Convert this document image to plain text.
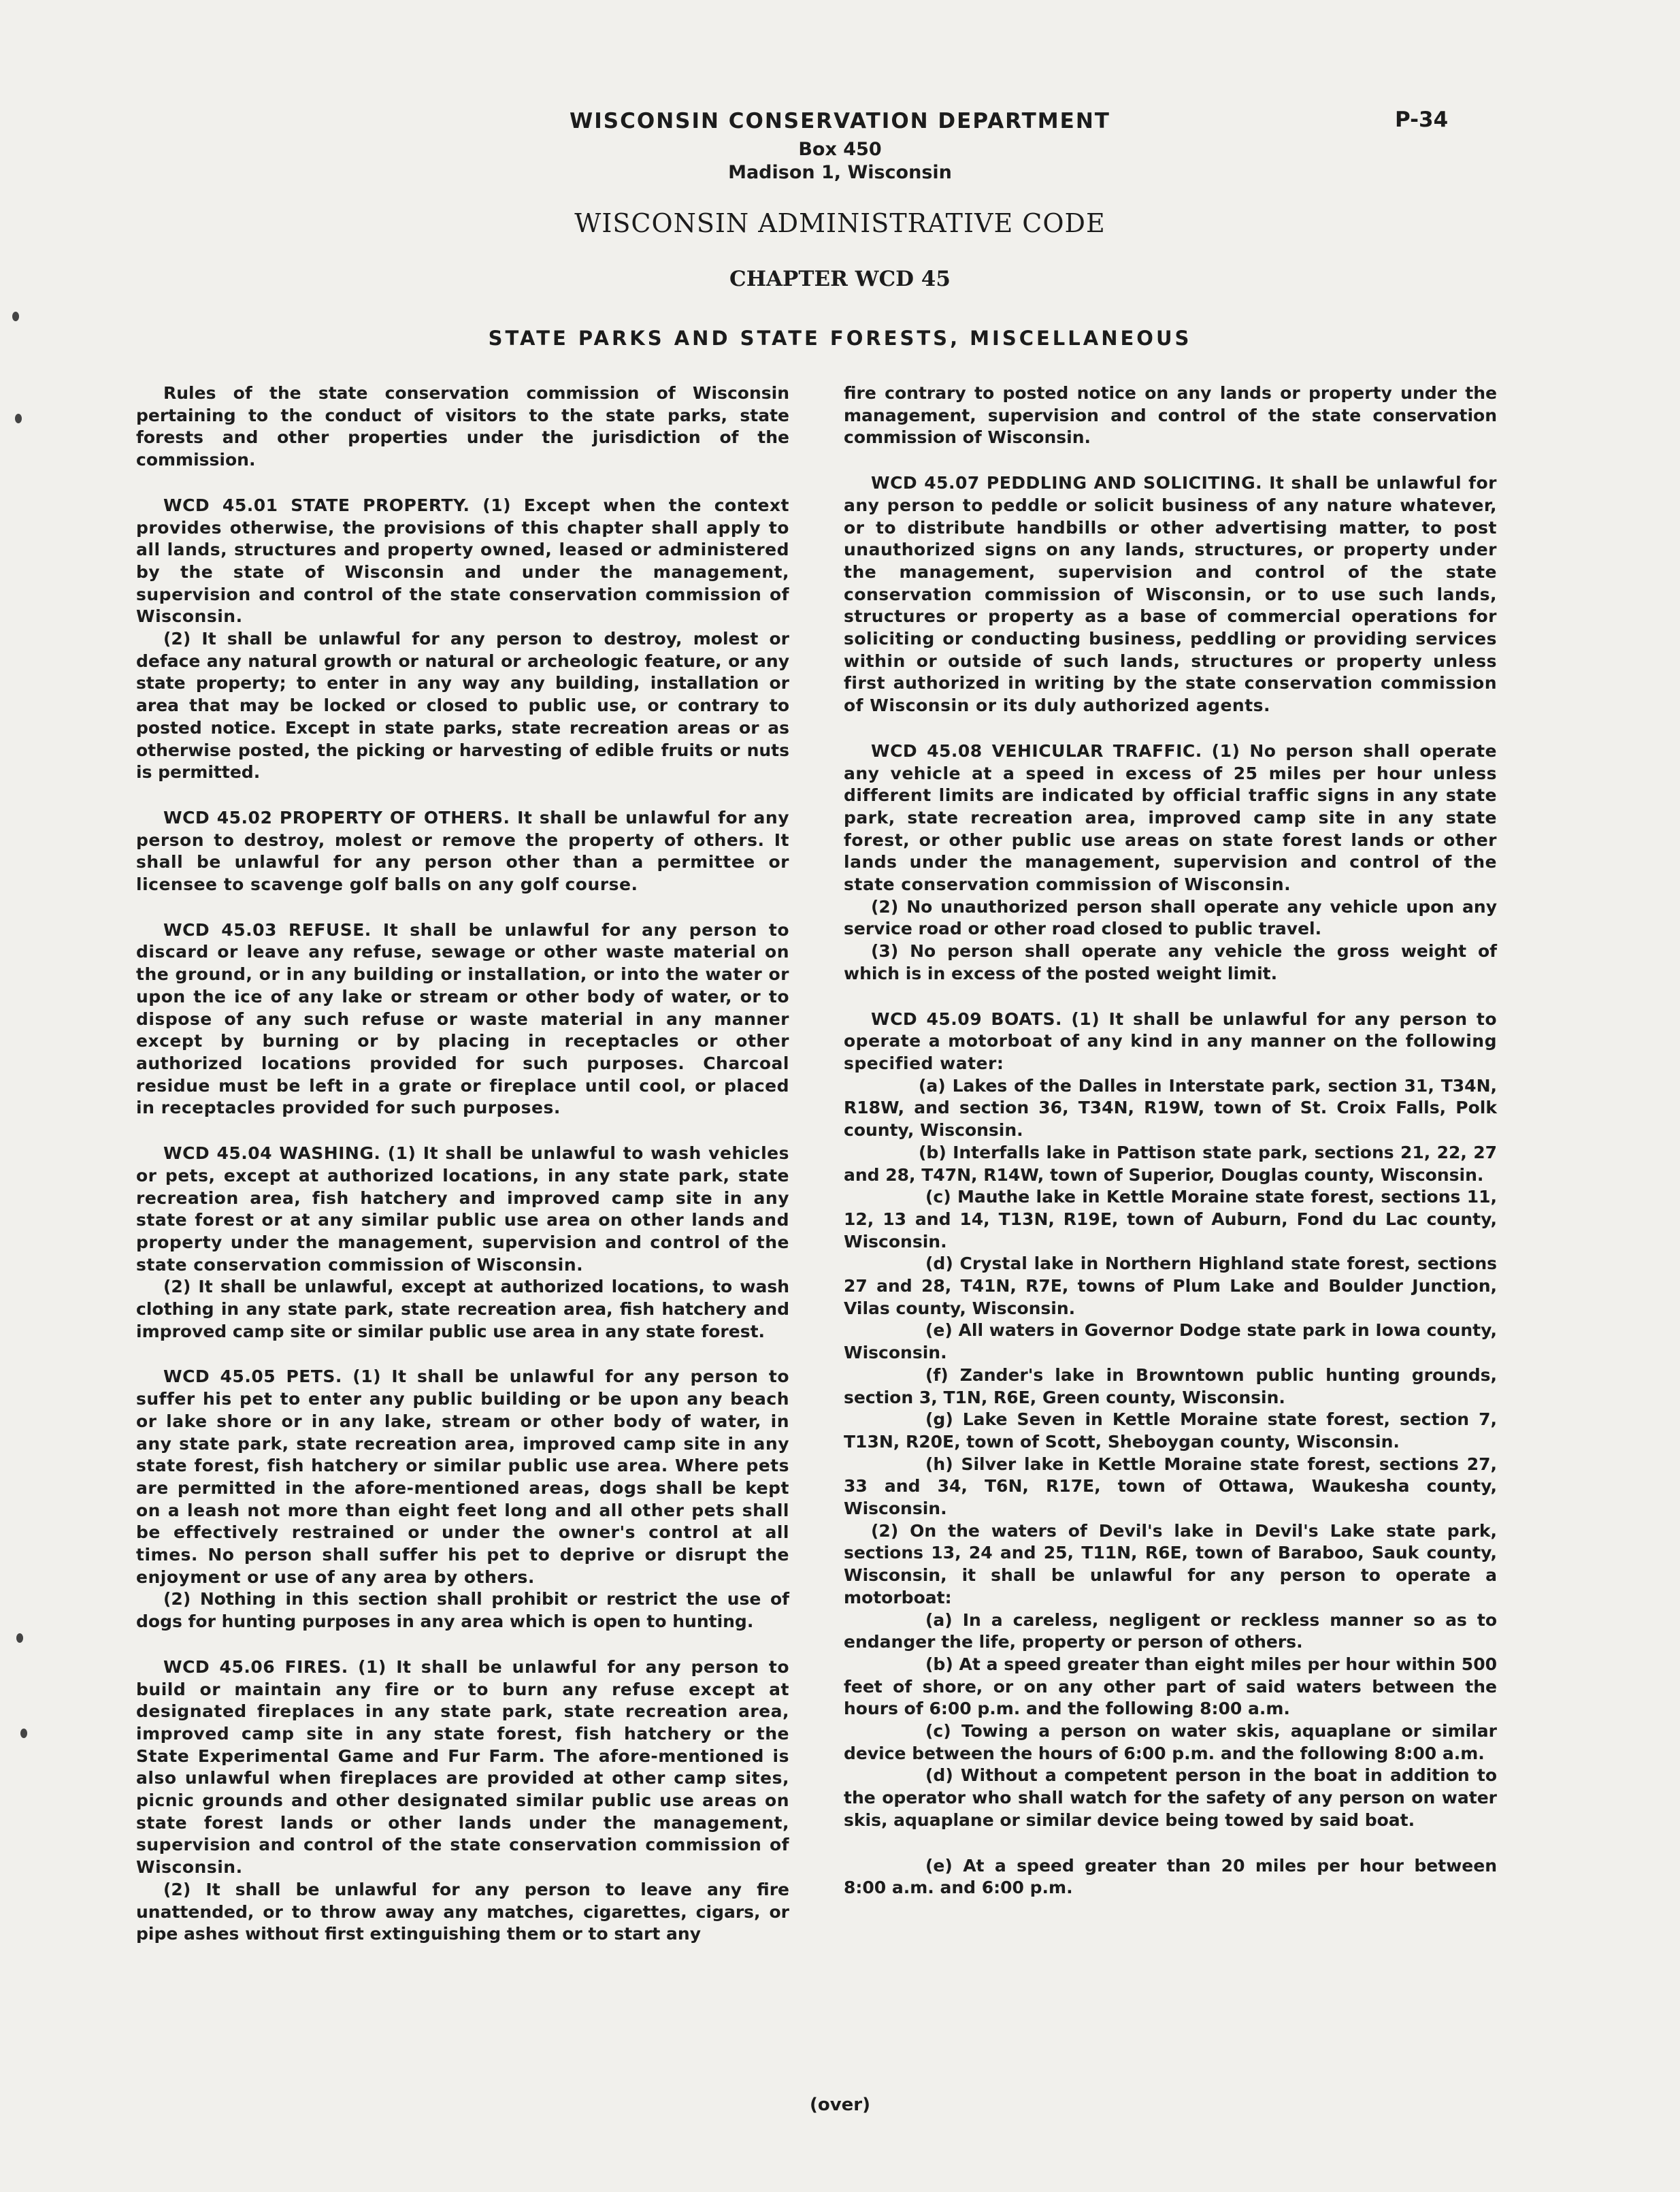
WISCONSIN CONSERVATION DEPARTMENT	P-34
Box 450
Madison 1, Wisconsin
WISCONSIN ADMINISTRATIVE CODE
CHAPTER WCD 45
STATE PARKS AND STATE FORESTS, MISCELLANEOUS

Rules of the state conservation commission of Wisconsin pertaining to the conduct of visitors to the state parks, state forests and other properties under the jurisdiction of the commission.

WCD 45.01 STATE PROPERTY. (1) Except when the context provides otherwise, the provisions of this chapter shall apply to all lands, structures and property owned, leased or administered by the state of Wisconsin and under the management, supervision and control of the state conservation commission of Wisconsin.

(2) It shall be unlawful for any person to destroy, molest or deface any natural growth or natural or archeologic feature, or any state property; to enter in any way any building, installation or area that may be locked or closed to public use, or contrary to posted notice. Except in state parks, state recreation areas or as otherwise posted, the picking or harvesting of edible fruits or nuts is permitted.

WCD 45.02 PROPERTY OF OTHERS. It shall be unlawful for any person to destroy, molest or remove the property of others. It shall be unlawful for any person other than a permittee or licensee to scavenge golf balls on any golf course.

WCD 45.03 REFUSE. It shall be unlawful for any person to discard or leave any refuse, sewage or other waste material on the ground, or in any building or installation, or into the water or upon the ice of any lake or stream or other body of water, or to dispose of any such refuse or waste material in any manner except by burning or by placing in receptacles or other authorized locations provided for such purposes. Charcoal residue must be left in a grate or fireplace until cool, or placed in receptacles provided for such purposes.

WCD 45.04 WASHING. (1) It shall be unlawful to wash vehicles or pets, except at authorized locations, in any state park, state recreation area, fish hatchery and improved camp site in any state forest or at any similar public use area on other lands and property under the management, supervision and control of the state conservation commission of Wisconsin.

(2) It shall be unlawful, except at authorized locations, to wash clothing in any state park, state recreation area, fish hatchery and improved camp site or similar public use area in any state forest.

WCD 45.05 PETS. (1) It shall be unlawful for any person to suffer his pet to enter any public building or be upon any beach or lake shore or in any lake, stream or other body of water, in any state park, state recreation area, improved camp site in any state forest, fish hatchery or similar public use area. Where pets are permitted in the afore-mentioned areas, dogs shall be kept on a leash not more than eight feet long and all other pets shall be effectively restrained or under the owner's control at all times. No person shall suffer his pet to deprive or disrupt the enjoyment or use of any area by others.

(2) Nothing in this section shall prohibit or restrict the use of dogs for hunting purposes in any area which is open to hunting.

WCD 45.06 FIRES. (1) It shall be unlawful for any person to build or maintain any fire or to burn any refuse except at designated fireplaces in any state park, state recreation area, improved camp site in any state forest, fish hatchery or the State Experimental Game and Fur Farm. The afore-mentioned is also unlawful when fireplaces are provided at other camp sites, picnic grounds and other designated similar public use areas on state forest lands or other lands under the management, supervision and control of the state conservation commission of Wisconsin.

(2) It shall be unlawful for any person to leave any fire unattended, or to throw away any matches, cigarettes, cigars, or pipe ashes without first extinguishing them or to start any

fire contrary to posted notice on any lands or property under the management, supervision and control of the state conservation commission of Wisconsin.

WCD 45.07 PEDDLING AND SOLICITING. It shall be unlawful for any person to peddle or solicit business of any nature whatever, or to distribute handbills or other advertising matter, to post unauthorized signs on any lands, structures, or property under the management, supervision and control of the state conservation commission of Wisconsin, or to use such lands, structures or property as a base of commercial operations for soliciting or conducting business, peddling or providing services within or outside of such lands, structures or property unless first authorized in writing by the state conservation commission of Wisconsin or its duly authorized agents.

WCD 45.08 VEHICULAR TRAFFIC. (1) No person shall operate any vehicle at a speed in excess of 25 miles per hour unless different limits are indicated by official traffic signs in any state park, state recreation area, improved camp site in any state forest, or other public use areas on state forest lands or other lands under the management, supervision and control of the state conservation commission of Wisconsin.

(2) No unauthorized person shall operate any vehicle upon any service road or other road closed to public travel.

(3) No person shall operate any vehicle the gross weight of which is in excess of the posted weight limit.

WCD 45.09 BOATS. (1) It shall be unlawful for any person to operate a motorboat of any kind in any manner on the following specified water:

(a) Lakes of the Dalles in Interstate park, section 31, T34N, R18W, and section 36, T34N, R19W, town of St. Croix Falls, Polk county, Wisconsin.

(b) Interfalls lake in Pattison state park, sections 21, 22, 27 and 28, T47N, R14W, town of Superior, Douglas county, Wisconsin.

(c) Mauthe lake in Kettle Moraine state forest, sections 11, 12, 13 and 14, T13N, R19E, town of Auburn, Fond du Lac county, Wisconsin.

(d) Crystal lake in Northern Highland state forest, sections 27 and 28, T41N, R7E, towns of Plum Lake and Boulder Junction, Vilas county, Wisconsin.

(e) All waters in Governor Dodge state park in Iowa county, Wisconsin.

(f) Zander's lake in Browntown public hunting grounds, section 3, T1N, R6E, Green county, Wisconsin.

(g) Lake Seven in Kettle Moraine state forest, section 7, T13N, R20E, town of Scott, Sheboygan county, Wisconsin.

(h) Silver lake in Kettle Moraine state forest, sections 27, 33 and 34, T6N, R17E, town of Ottawa, Waukesha county, Wisconsin.

(2) On the waters of Devil's lake in Devil's Lake state park, sections 13, 24 and 25, T11N, R6E, town of Baraboo, Sauk county, Wisconsin, it shall be unlawful for any person to operate a motorboat:

(a) In a careless, negligent or reckless manner so as to endanger the life, property or person of others.

(b) At a speed greater than eight miles per hour within 500 feet of shore, or on any other part of said waters between the hours of 6:00 p.m. and the following 8:00 a.m.

(c) Towing a person on water skis, aquaplane or similar device between the hours of 6:00 p.m. and the following 8:00 a.m.

(d) Without a competent person in the boat in addition to the operator who shall watch for the safety of any person on water skis, aquaplane or similar device being towed by said boat.

(e) At a speed greater than 20 miles per hour between 8:00 a.m. and 6:00 p.m.

(over)
